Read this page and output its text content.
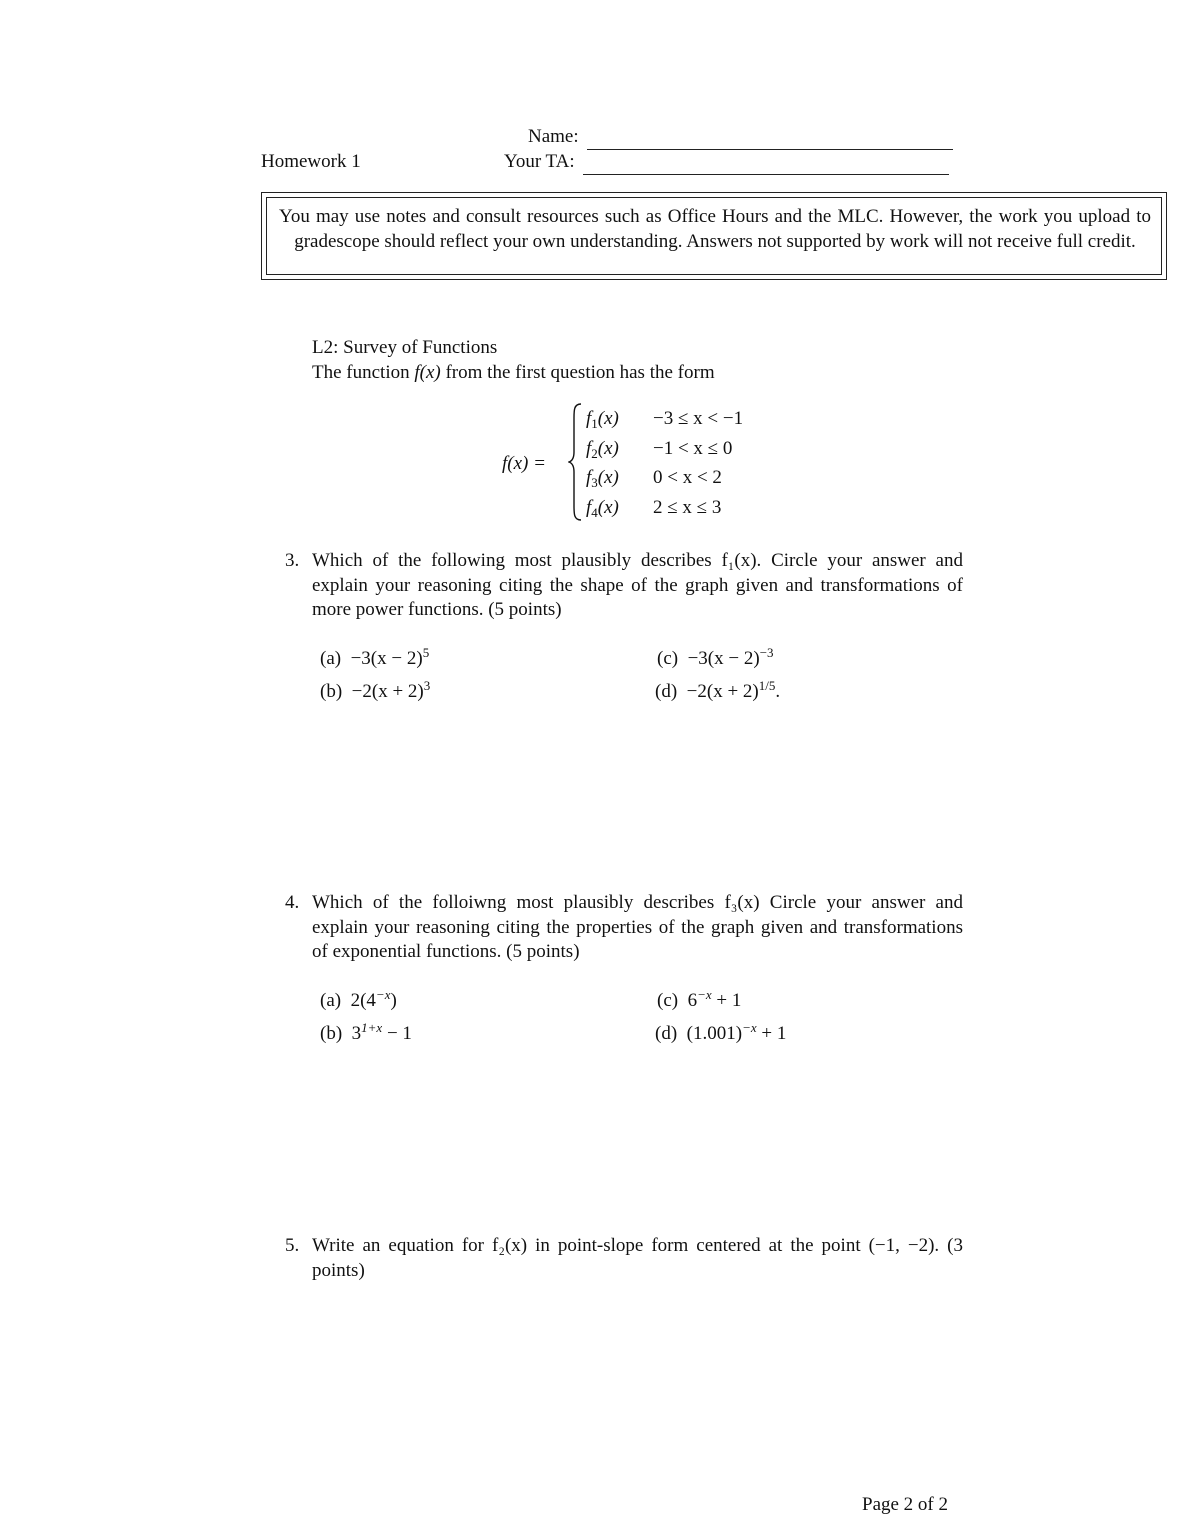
Homework 1
Name:
Your TA:
You may use notes and consult resources such as Office Hours and the MLC. However, the work you upload to gradescope should reflect your own understanding. Answers not supported by work will not receive full credit.
L2: Survey of Functions
The function f(x) from the first question has the form
f(x) =
$f_1(x) -3 \le x < -1$
$f_2(x) -1 < x \le 0$
$f_3(x) 0 < x < 2$
$f_4(x) 2 \le x \le 3$
3. Which of the following most plausibly describes f₁(x). Circle your answer and explain your reasoning citing the shape of the graph given and transformations of more power functions. (5 points)
$(a) -3(x - 2)^5$
$(b) -2(x + 2)^3$
$(c) -3(x - 2)^{-3}$
$(d) -2(x + 2)^{1/5}$.
4. Which of the folloiwng most plausibly describes f₃(x) Circle your answer and explain your reasoning citing the properties of the graph given and transformations of exponential functions. (5 points)
(a) $2(4^{-x})$
(b) $3^{1+x} - 1$
(c) $6^{-x} + 1$
(d) $(1.001)^{-x} + 1$
5. Write an equation for f₂(x) in point-slope form centered at the point (−1, −2). (3 points)
Page 2 of 2
